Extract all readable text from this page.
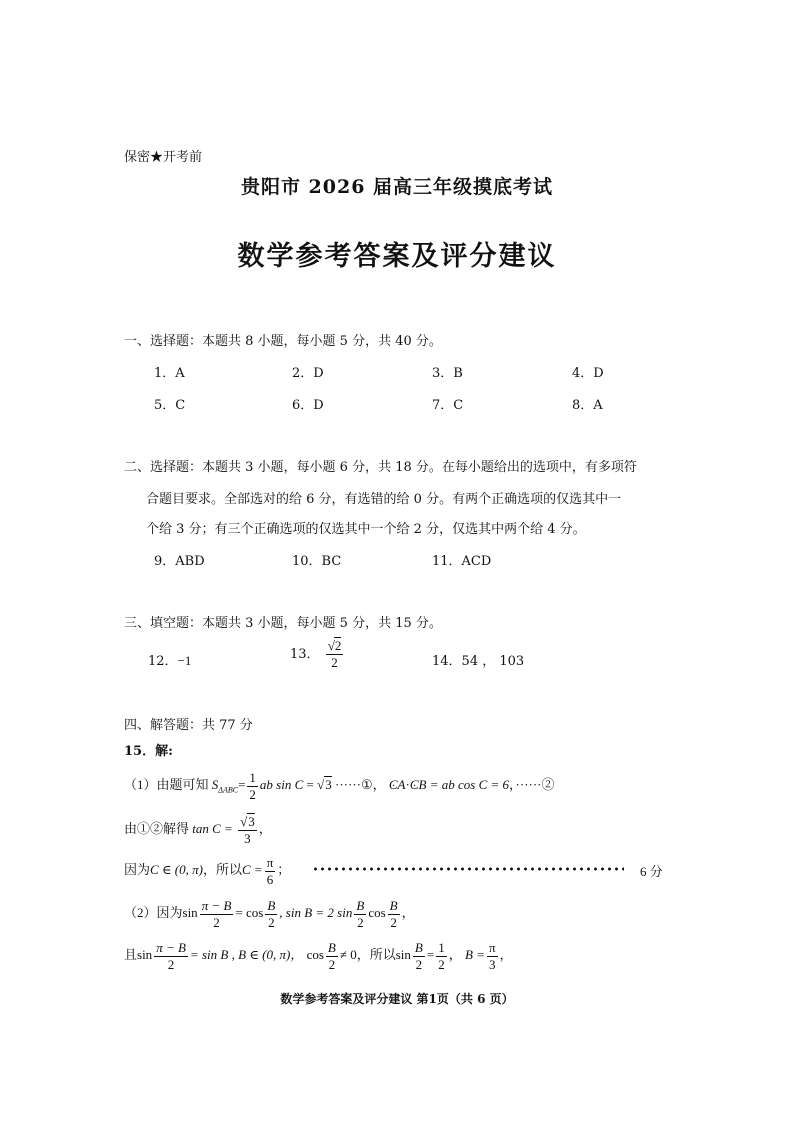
保密★开考前
贵阳市 2026 届高三年级摸底考试
数学参考答案及评分建议
一、选择题：本题共 8 小题，每小题 5 分，共 40 分。
1．A	2．D	3．B	4．D
5．C	6．D	7．C	8．A
二、选择题：本题共 3 小题，每小题 6 分，共 18 分。在每小题给出的选项中，有多项符
合题目要求。全部选对的给 6 分，有选错的给 0 分。有两个正确选项的仅选其中一
个给 3 分；有三个正确选项的仅选其中一个给 2 分，仅选其中两个给 4 分。
9．ABD	10．BC	11．ACD
三、填空题：本题共 3 小题，每小题 5 分，共 15 分。
12．−1	13． $\frac{√2}{2}$	14．54 ， 103
四、解答题：共 77 分
15．解:
（1）由题可知 $S_{\Delta ABC}= \frac{1}{2}$ ab sin C = √3 ······①， · CA·· CB = ab cos C = 6，······②
由①②解得 $\tan C = \frac{√3}{3}$ ，
因为C ∈ (0, π)，所以$C = \frac{\pi}{6}$ ；	6 分
（2）因为$\sin \frac{\pi - B}{2} = \cos \frac{B}{2}$ , sin B = 2 $\sin \frac{B}{2}$ $\cos \frac{B}{2}$ ，
且$\sin \frac{\pi - B}{2} = \sin B$ , B ∈ (0, π)， $\cos \frac{B}{2} \ne 0$，所以$\sin \frac{B}{2} = \frac{1}{2}$ ， $B = \frac{\pi}{3}$ ，
数学参考答案及评分建议 第1页（共 6 页）
